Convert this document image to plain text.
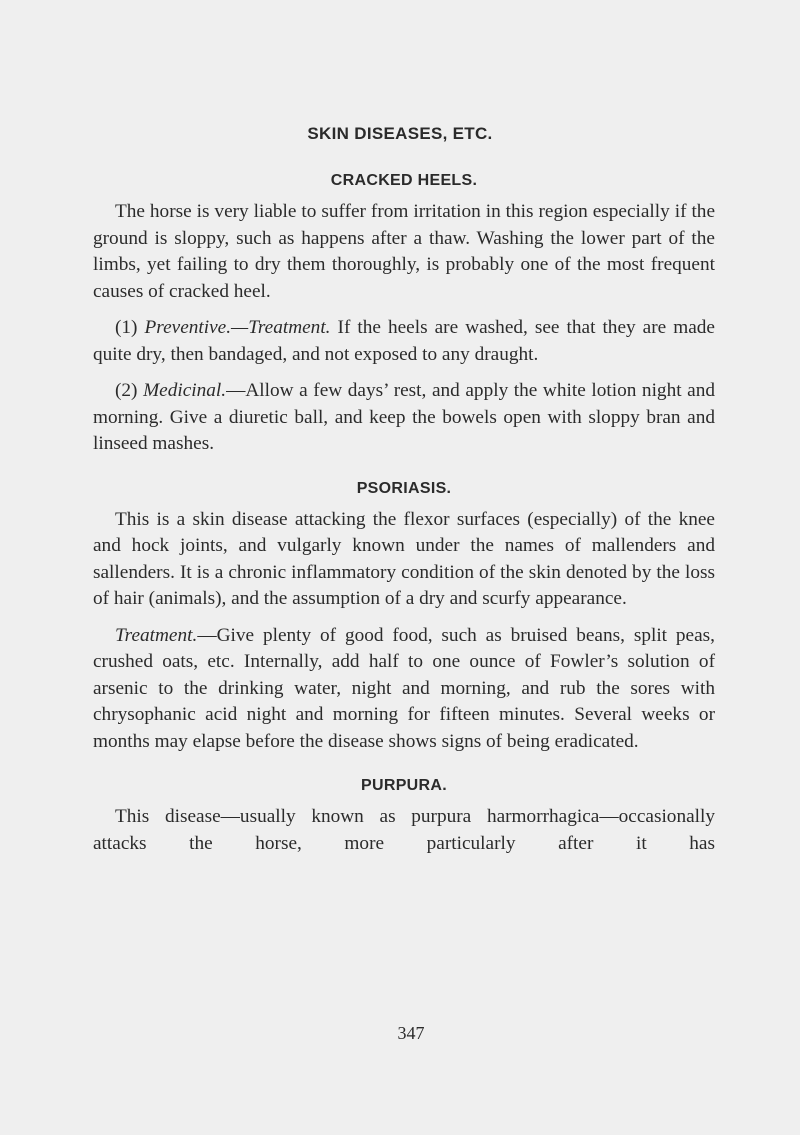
SKIN DISEASES, ETC.
CRACKED HEELS.

The horse is very liable to suffer from irritation in this region especially if the ground is sloppy, such as happens after a thaw. Washing the lower part of the limbs, yet failing to dry them thoroughly, is probably one of the most frequent causes of cracked heel.

(1) Preventive.—Treatment. If the heels are washed, see that they are made quite dry, then bandaged, and not exposed to any draught.

(2) Medicinal.—Allow a few days’ rest, and apply the white lotion night and morning. Give a diuretic ball, and keep the bowels open with sloppy bran and linseed mashes.

PSORIASIS.

This is a skin disease attacking the flexor surfaces (especially) of the knee and hock joints, and vulgarly known under the names of mallenders and sallenders. It is a chronic inflammatory condition of the skin denoted by the loss of hair (animals), and the assumption of a dry and scurfy appearance.

Treatment.—Give plenty of good food, such as bruised beans, split peas, crushed oats, etc. Internally, add half to one ounce of Fowler’s solution of arsenic to the drinking water, night and morning, and rub the sores with chrysophanic acid night and morning for fifteen minutes. Several weeks or months may elapse before the disease shows signs of being eradicated.

PURPURA.

This disease—usually known as purpura harmorrhagica—occasionally attacks the horse, more particularly after it has

347
